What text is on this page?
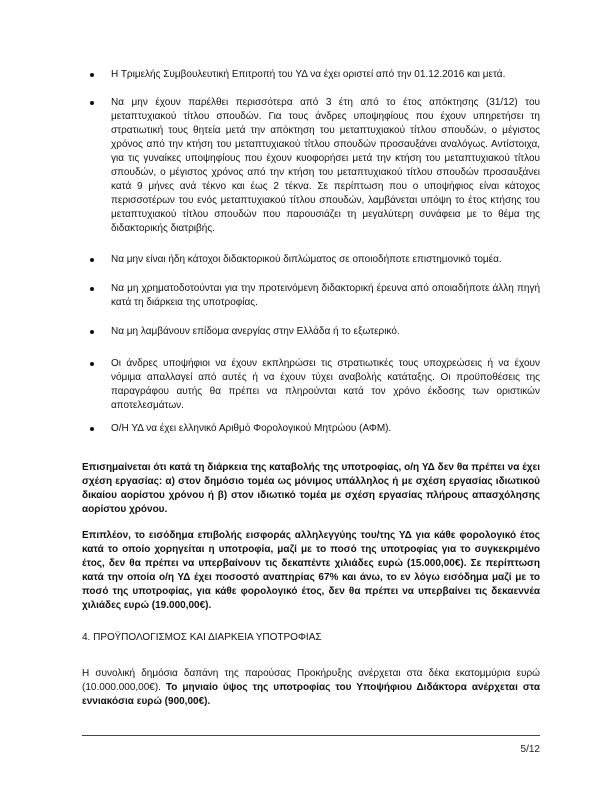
Η Τριμελής Συμβουλευτική Επιτροπή του ΥΔ να έχει οριστεί από την 01.12.2016 και μετά.
Να μην έχουν παρέλθει περισσότερα από 3 έτη από το έτος απόκτησης (31/12) του μεταπτυχιακού τίτλου σπουδών. Για τους άνδρες υποψηφίους που έχουν υπηρετήσει τη στρατιωτική τους θητεία μετά την απόκτηση του μεταπτυχιακού τίτλου σπουδών, ο μέγιστος χρόνος από την κτήση του μεταπτυχιακού τίτλου σπουδών προσαυξάνει αναλόγως. Αντίστοιχα, για τις γυναίκες υποψηφίους που έχουν κυοφορήσει μετά την κτήση του μεταπτυχιακού τίτλου σπουδών, ο μέγιστος χρόνος από την κτήση του μεταπτυχιακού τίτλου σπουδών προσαυξάνει κατά 9 μήνες ανά τέκνο και έως 2 τέκνα. Σε περίπτωση που ο υποψήφιος είναι κάτοχος περισσοτέρων του ενός μεταπτυχιακού τίτλου σπουδών, λαμβάνεται υπόψη το έτος κτήσης του μεταπτυχιακού τίτλου σπουδών που παρουσιάζει τη μεγαλύτερη συνάφεια με το θέμα της διδακτορικής διατριβής.
Να μην είναι ήδη κάτοχοι διδακτορικού διπλώματος σε οποιοδήποτε επιστημονικό τομέα.
Να μη χρηματοδοτούνται για την προτεινόμενη διδακτορική έρευνα από οποιαδήποτε άλλη πηγή κατά τη διάρκεια της υποτροφίας.
Να μη λαμβάνουν επίδομα ανεργίας στην Ελλάδα ή το εξωτερικό.
Οι άνδρες υποψήφιοι να έχουν εκπληρώσει τις στρατιωτικές τους υποχρεώσεις ή να έχουν νόμιμα απαλλαγεί από αυτές ή να έχουν τύχει αναβολής κατάταξης. Οι προϋποθέσεις της παραγράφου αυτής θα πρέπει να πληρούνται κατά τον χρόνο έκδοσης των οριστικών αποτελεσμάτων.
Ο/Η ΥΔ να έχει ελληνικό Αριθμό Φορολογικού Μητρώου (ΑΦΜ).

Επισημαίνεται ότι κατά τη διάρκεια της καταβολής της υποτροφίας, ο/η ΥΔ δεν θα πρέπει να έχει σχέση εργασίας: α) στον δημόσιο τομέα ως μόνιμος υπάλληλος ή με σχέση εργασίας ιδιωτικού δικαίου αορίστου χρόνου ή β) στον ιδιωτικό τομέα με σχέση εργασίας πλήρους απασχόλησης αορίστου χρόνου.

Επιπλέον, το εισόδημα επιβολής εισφοράς αλληλεγγύης του/της ΥΔ για κάθε φορολογικό έτος κατά το οποίο χορηγείται η υποτροφία, μαζί με το ποσό της υποτροφίας για το συγκεκριμένο έτος, δεν θα πρέπει να υπερβαίνουν τις δεκαπέντε χιλιάδες ευρώ (15.000,00€). Σε περίπτωση κατά την οποία ο/η ΥΔ έχει ποσοστό αναπηρίας 67% και άνω, το εν λόγω εισόδημα μαζί με το ποσό της υποτροφίας, για κάθε φορολογικό έτος, δεν θα πρέπει να υπερβαίνει τις δεκαεννέα χιλιάδες ευρώ (19.000,00€).

4. ΠΡΟΫΠΟΛΟΓΙΣΜΟΣ ΚΑΙ ΔΙΑΡΚΕΙΑ ΥΠΟΤΡΟΦΙΑΣ

Η συνολική δημόσια δαπάνη της παρούσας Προκήρυξης ανέρχεται στα δέκα εκατομμύρια ευρώ (10.000.000,00€). Το μηνιαίο ύψος της υποτροφίας του Υποψήφιου Διδάκτορα ανέρχεται στα εννιακόσια ευρώ (900,00€).

5/12
